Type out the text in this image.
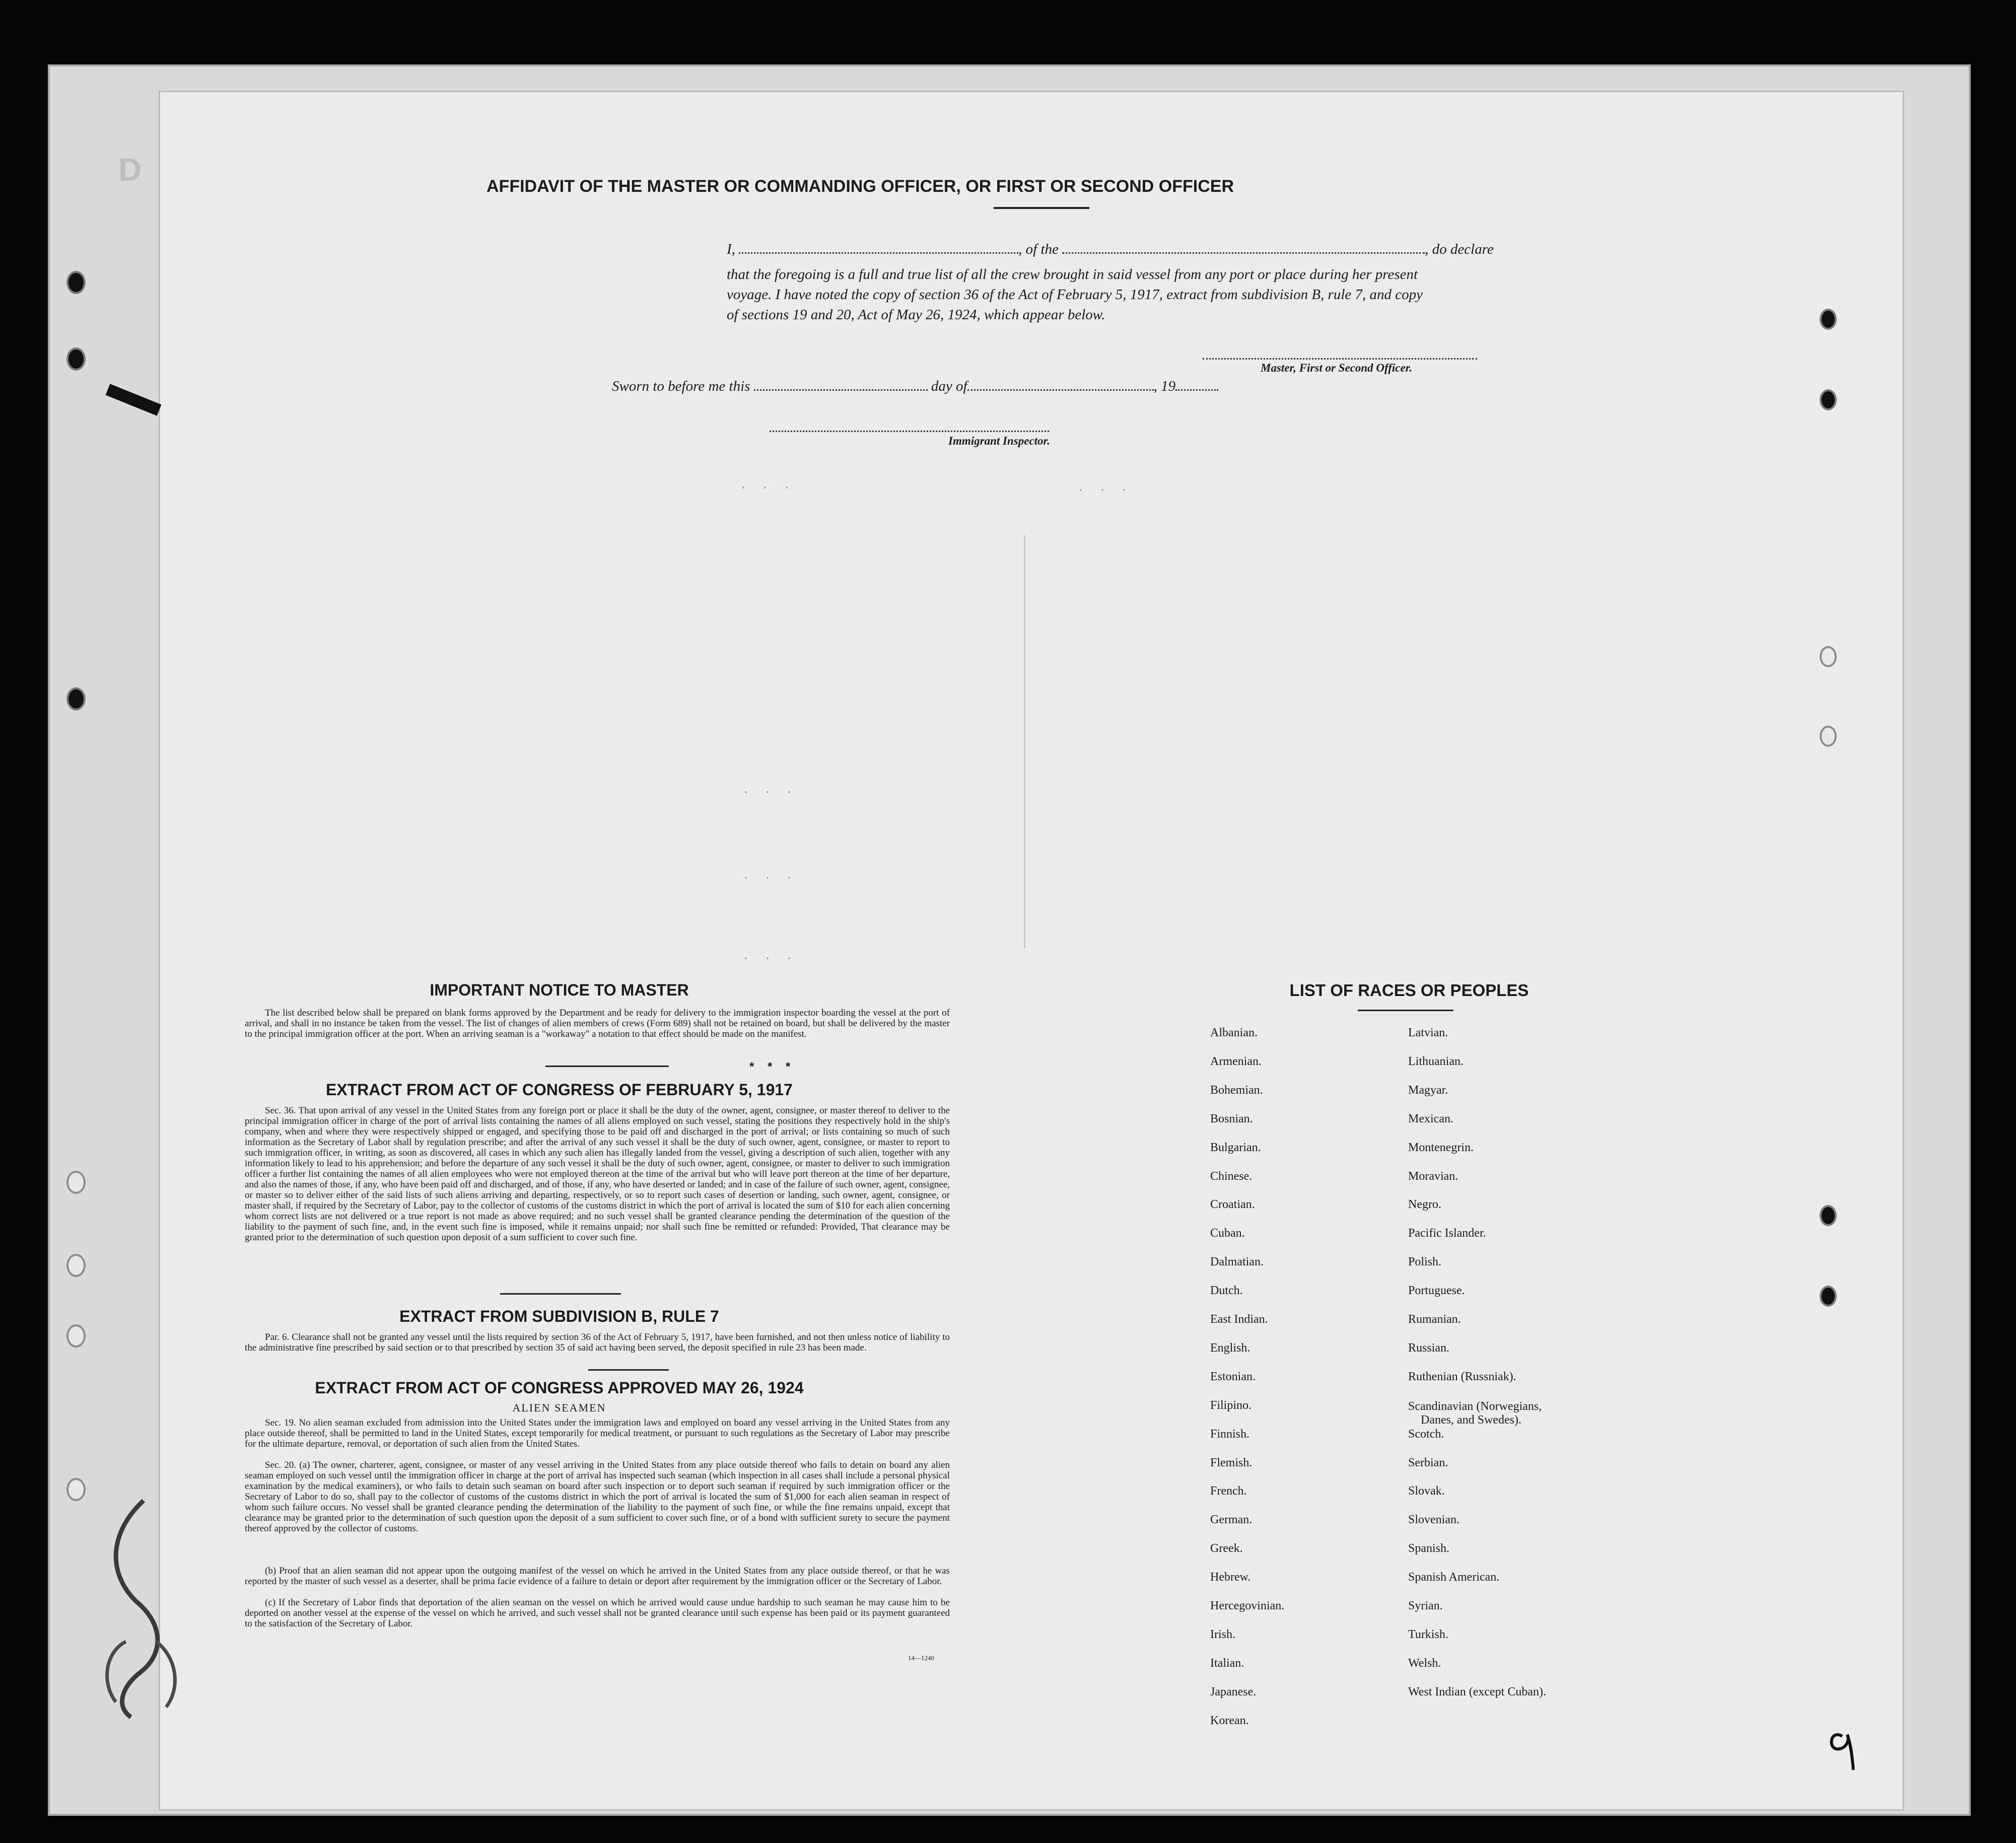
D
. . .	. . .
. . .
. . .
. . .
AFFIDAVIT OF THE MASTER OR COMMANDING OFFICER, OR FIRST OR SECOND OFFICER
I,	, of the	, do declare
that the foregoing is a full and true list of all the crew brought in said vessel from any port or place during her present
voyage. I have noted the copy of section 36 of the Act of February 5, 1917, extract from subdivision B, rule 7, and copy
of sections 19 and 20, Act of May 26, 1924, which appear below.
Master, First or Second Officer.
Sworn to before me this	day of	, 19
Immigrant Inspector.
IMPORTANT NOTICE TO MASTER

The list described below shall be prepared on blank forms approved by the Department and be ready for delivery to the immigration inspector boarding the vessel at the port of arrival, and shall in no instance be taken from the vessel. The list of changes of alien members of crews (Form 689) shall not be retained on board, but shall be delivered by the master to the principal immigration officer at the port. When an arriving seaman is a "workaway" a notation to that effect should be made on the manifest.

* * *
EXTRACT FROM ACT OF CONGRESS OF FEBRUARY 5, 1917

Sec. 36. That upon arrival of any vessel in the United States from any foreign port or place it shall be the duty of the owner, agent, consignee, or master thereof to deliver to the principal immigration officer in charge of the port of arrival lists containing the names of all aliens employed on such vessel, stating the positions they respectively hold in the ship's company, when and where they were respectively shipped or engaged, and specifying those to be paid off and discharged in the port of arrival; or lists containing so much of such information as the Secretary of Labor shall by regulation prescribe; and after the arrival of any such vessel it shall be the duty of such owner, agent, consignee, or master to report to such immigration officer, in writing, as soon as discovered, all cases in which any such alien has illegally landed from the vessel, giving a description of such alien, together with any information likely to lead to his apprehension; and before the departure of any such vessel it shall be the duty of such owner, agent, consignee, or master to deliver to such immigration officer a further list containing the names of all alien employees who were not employed thereon at the time of the arrival but who will leave port thereon at the time of her departure, and also the names of those, if any, who have been paid off and discharged, and of those, if any, who have deserted or landed; and in case of the failure of such owner, agent, consignee, or master so to deliver either of the said lists of such aliens arriving and departing, respectively, or so to report such cases of desertion or landing, such owner, agent, consignee, or master shall, if required by the Secretary of Labor, pay to the collector of customs of the customs district in which the port of arrival is located the sum of $10 for each alien concerning whom correct lists are not delivered or a true report is not made as above required; and no such vessel shall be granted clearance pending the determination of the question of the liability to the payment of such fine, and, in the event such fine is imposed, while it remains unpaid; nor shall such fine be remitted or refunded: Provided, That clearance may be granted prior to the determination of such question upon deposit of a sum sufficient to cover such fine.

EXTRACT FROM SUBDIVISION B, RULE 7

Par. 6. Clearance shall not be granted any vessel until the lists required by section 36 of the Act of February 5, 1917, have been furnished, and not then unless notice of liability to the administrative fine prescribed by said section or to that prescribed by section 35 of said act having been served, the deposit specified in rule 23 has been made.

EXTRACT FROM ACT OF CONGRESS APPROVED MAY 26, 1924
ALIEN SEAMEN

Sec. 19. No alien seaman excluded from admission into the United States under the immigration laws and employed on board any vessel arriving in the United States from any place outside thereof, shall be permitted to land in the United States, except temporarily for medical treatment, or pursuant to such regulations as the Secretary of Labor may prescribe for the ultimate departure, removal, or deportation of such alien from the United States.

Sec. 20. (a) The owner, charterer, agent, consignee, or master of any vessel arriving in the United States from any place outside thereof who fails to detain on board any alien seaman employed on such vessel until the immigration officer in charge at the port of arrival has inspected such seaman (which inspection in all cases shall include a personal physical examination by the medical examiners), or who fails to detain such seaman on board after such inspection or to deport such seaman if required by such immigration officer or the Secretary of Labor to do so, shall pay to the collector of customs of the customs district in which the port of arrival is located the sum of $1,000 for each alien seaman in respect of whom such failure occurs. No vessel shall be granted clearance pending the determination of the liability to the payment of such fine, or while the fine remains unpaid, except that clearance may be granted prior to the determination of such question upon the deposit of a sum sufficient to cover such fine, or of a bond with sufficient surety to secure the payment thereof approved by the collector of customs.

(b) Proof that an alien seaman did not appear upon the outgoing manifest of the vessel on which he arrived in the United States from any place outside thereof, or that he was reported by the master of such vessel as a deserter, shall be prima facie evidence of a failure to detain or deport after requirement by the immigration officer or the Secretary of Labor.

(c) If the Secretary of Labor finds that deportation of the alien seaman on the vessel on which he arrived would cause undue hardship to such seaman he may cause him to be deported on another vessel at the expense of the vessel on which he arrived, and such vessel shall not be granted clearance until such expense has been paid or its payment guaranteed to the satisfaction of the Secretary of Labor.

14—1240
LIST OF RACES OR PEOPLES
Albanian.
Armenian.
Bohemian.
Bosnian.
Bulgarian.
Chinese.
Croatian.
Cuban.
Dalmatian.
Dutch.
East Indian.
English.
Estonian.
Filipino.
Finnish.
Flemish.
French.
German.
Greek.
Hebrew.
Hercegovinian.
Irish.
Italian.
Japanese.
Korean.
Latvian.
Lithuanian.
Magyar.
Mexican.
Montenegrin.
Moravian.
Negro.
Pacific Islander.
Polish.
Portuguese.
Rumanian.
Russian.
Ruthenian (Russniak).
Scandinavian (Norwegians,
Danes, and Swedes).
Scotch.
Serbian.
Slovak.
Slovenian.
Spanish.
Spanish American.
Syrian.
Turkish.
Welsh.
West Indian (except Cuban).
